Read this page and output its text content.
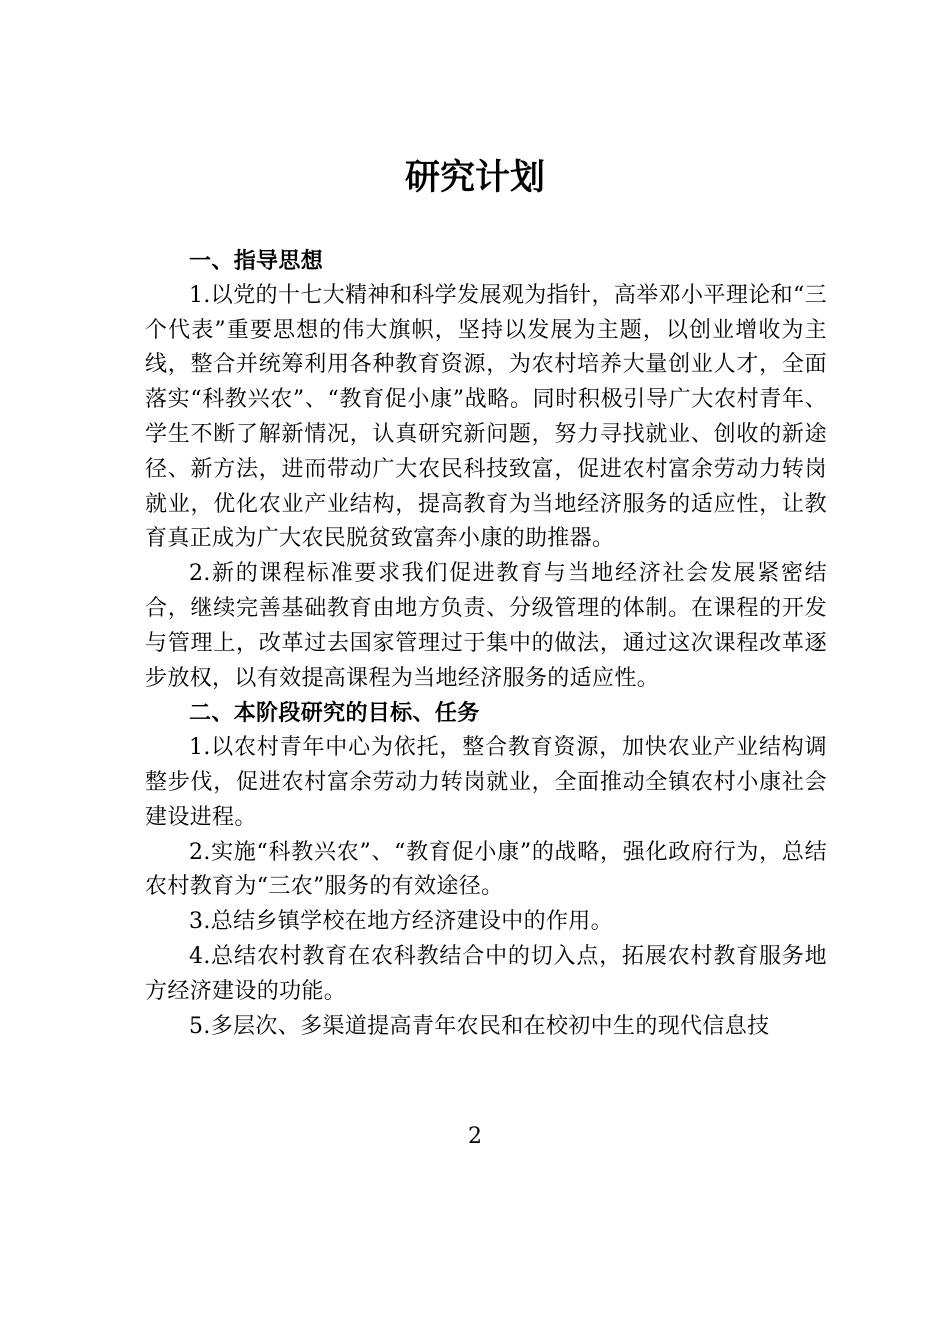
研究计划

一、指导思想

1.以党的十七大精神和科学发展观为指针，高举邓小平理论和“三个代表”重要思想的伟大旗帜，坚持以发展为主题，以创业增收为主线，整合并统筹利用各种教育资源，为农村培养大量创业人才，全面落实“科教兴农”、“教育促小康”战略。同时积极引导广大农村青年、学生不断了解新情况，认真研究新问题，努力寻找就业、创收的新途径、新方法，进而带动广大农民科技致富，促进农村富余劳动力转岗就业，优化农业产业结构，提高教育为当地经济服务的适应性，让教育真正成为广大农民脱贫致富奔小康的助推器。

2.新的课程标准要求我们促进教育与当地经济社会发展紧密结合，继续完善基础教育由地方负责、分级管理的体制。在课程的开发与管理上，改革过去国家管理过于集中的做法，通过这次课程改革逐步放权，以有效提高课程为当地经济服务的适应性。

二、本阶段研究的目标、任务

1.以农村青年中心为依托，整合教育资源，加快农业产业结构调整步伐，促进农村富余劳动力转岗就业，全面推动全镇农村小康社会建设进程。

2.实施“科教兴农”、“教育促小康”的战略，强化政府行为，总结农村教育为“三农”服务的有效途径。

3.总结乡镇学校在地方经济建设中的作用。

4.总结农村教育在农科教结合中的切入点，拓展农村教育服务地方经济建设的功能。

5.多层次、多渠道提高青年农民和在校初中生的现代信息技

2
